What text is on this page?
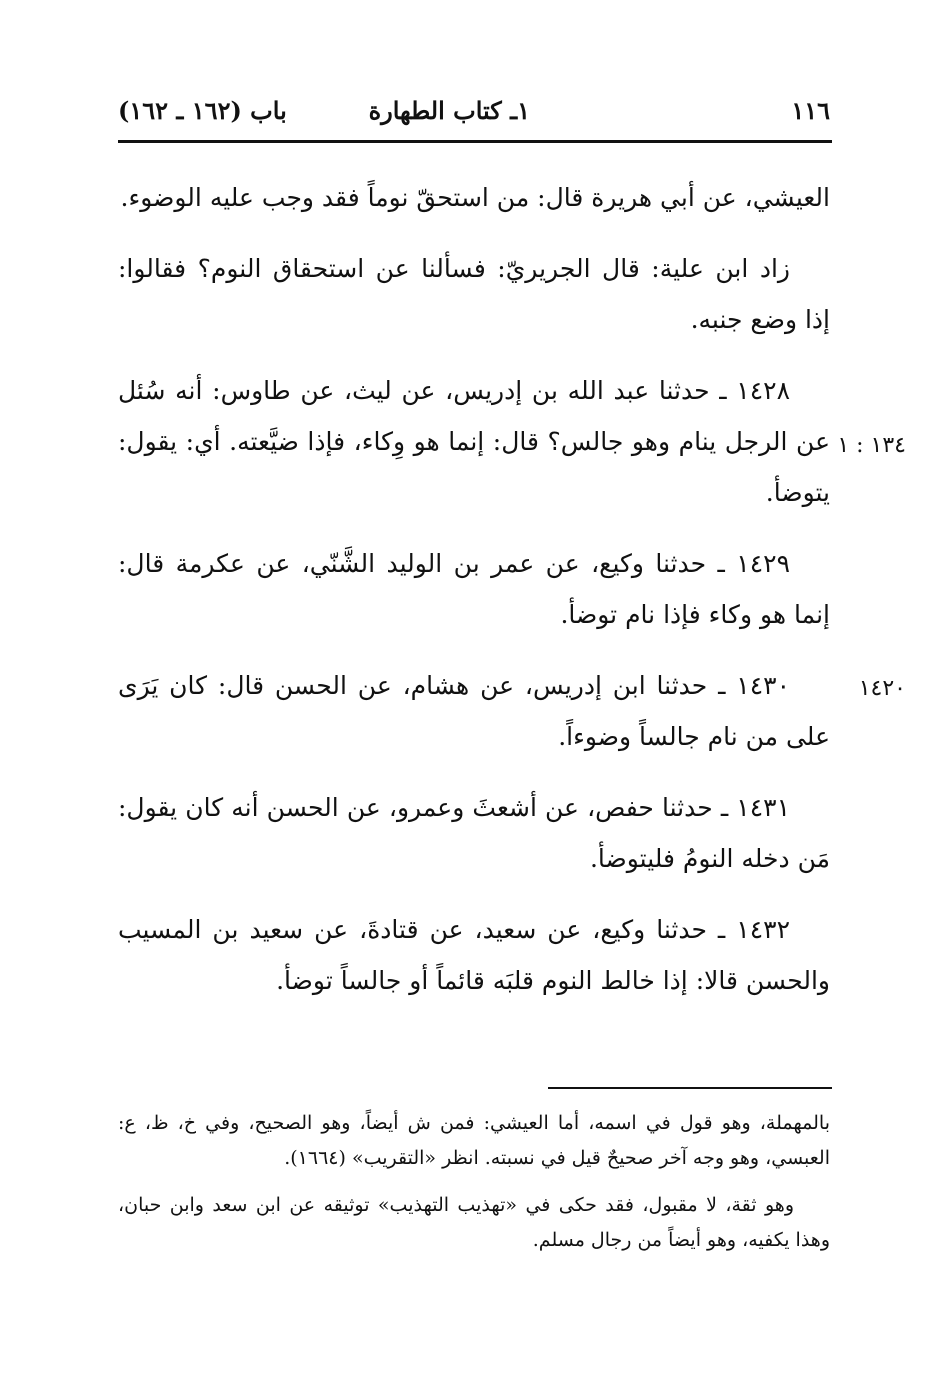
١١٦
١ـ كتاب الطهارة
باب (١٦٢ ـ ١٦٢)

العيشي، عن أبي هريرة قال: من استحقّ نوماً فقد وجب عليه الوضوء.

زاد ابن علية: قال الجريريّ: فسألنا عن استحقاق النوم؟ فقالوا: إذا وضع جنبه.

١٣٤ : ١
١٤٢٨ ـ حدثنا عبد الله بن إدريس، عن ليث، عن طاوس: أنه سُئل عن الرجل ينام وهو جالس؟ قال: إنما هو وِكاء، فإذا ضيَّعته. أي: يقول: يتوضأ.

١٤٢٩ ـ حدثنا وكيع، عن عمر بن الوليد الشَّنّي، عن عكرمة قال: إنما هو وكاء فإذا نام توضأ.

١٤٢٠
١٤٣٠ ـ حدثنا ابن إدريس، عن هشام، عن الحسن قال: كان يَرَى على من نام جالساً وضوءاً.

١٤٣١ ـ حدثنا حفص، عن أشعثَ وعمرو، عن الحسن أنه كان يقول: مَن دخله النومُ فليتوضأ.

١٤٣٢ ـ حدثنا وكيع، عن سعيد، عن قتادةَ، عن سعيد بن المسيب والحسن قالا: إذا خالط النوم قلبَه قائماً أو جالساً توضأ.

بالمهملة، وهو قول في اسمه، أما العيشي: فمن ش أيضاً، وهو الصحيح، وفي خ، ظ، ع: العبسي، وهو وجه آخر صحيحٌ قيل في نسبته. انظر «التقريب» (١٦٦٤).

وهو ثقة، لا مقبول، فقد حكى في «تهذيب التهذيب» توثيقه عن ابن سعد وابن حبان، وهذا يكفيه، وهو أيضاً من رجال مسلم.
